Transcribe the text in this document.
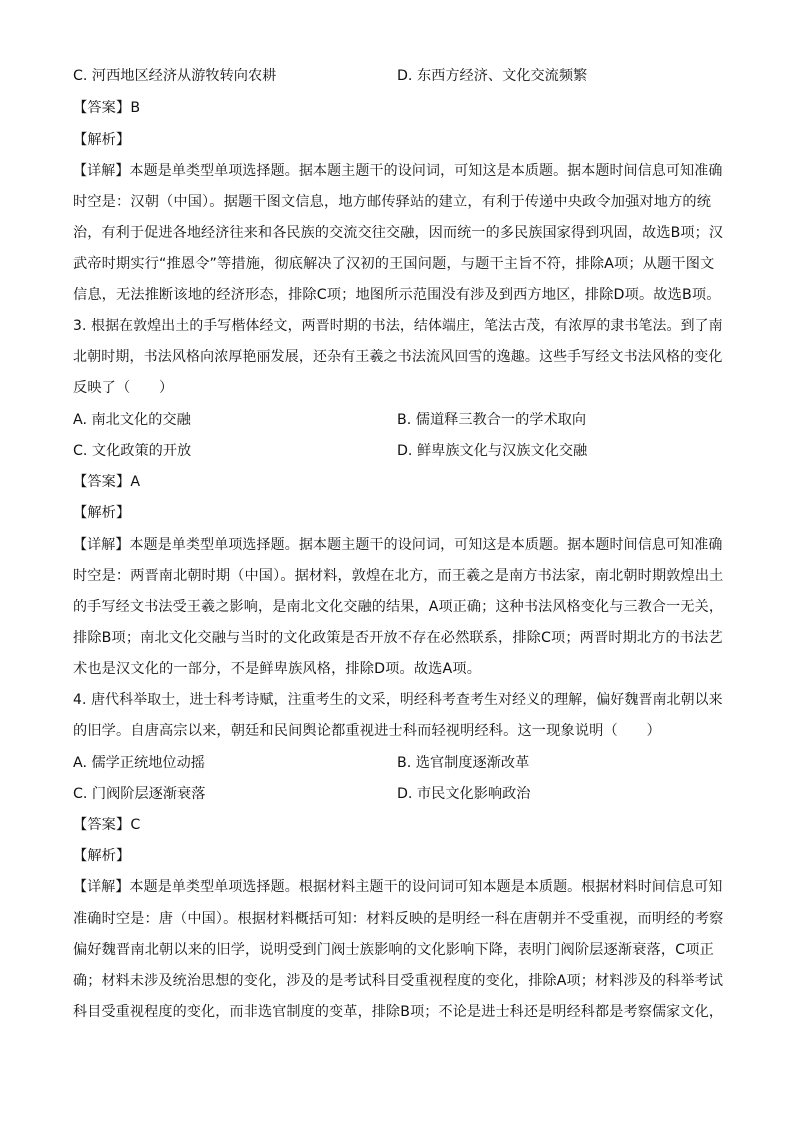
C. 河西地区经济从游牧转向农耕	D. 东西方经济、文化交流频繁
【答案】B
【解析】
【详解】本题是单类型单项选择题。据本题主题干的设问词，可知这是本质题。据本题时间信息可知准确
时空是：汉朝（中国）。据题干图文信息，地方邮传驿站的建立，有利于传递中央政令加强对地方的统
治，有利于促进各地经济往来和各民族的交流交往交融，因而统一的多民族国家得到巩固，故选B项；汉
武帝时期实行“推恩令”等措施，彻底解决了汉初的王国问题，与题干主旨不符，排除A项；从题干图文
信息，无法推断该地的经济形态，排除C项；地图所示范围没有涉及到西方地区，排除D项。故选B项。
3. 根据在敦煌出土的手写楷体经文，两晋时期的书法，结体端庄，笔法古茂，有浓厚的隶书笔法。到了南
北朝时期，书法风格向浓厚艳丽发展，还杂有王羲之书法流风回雪的逸趣。这些手写经文书法风格的变化
反映了（　　）
A. 南北文化的交融	B. 儒道释三教合一的学术取向
C. 文化政策的开放	D. 鲜卑族文化与汉族文化交融
【答案】A
【解析】
【详解】本题是单类型单项选择题。据本题主题干的设问词，可知这是本质题。据本题时间信息可知准确
时空是：两晋南北朝时期（中国）。据材料，敦煌在北方，而王羲之是南方书法家，南北朝时期敦煌出土
的手写经文书法受王羲之影响，是南北文化交融的结果，A项正确；这种书法风格变化与三教合一无关，
排除B项；南北文化交融与当时的文化政策是否开放不存在必然联系，排除C项；两晋时期北方的书法艺
术也是汉文化的一部分，不是鲜卑族风格，排除D项。故选A项。
4. 唐代科举取士，进士科考诗赋，注重考生的文采，明经科考查考生对经义的理解，偏好魏晋南北朝以来
的旧学。自唐高宗以来，朝廷和民间舆论都重视进士科而轻视明经科。这一现象说明（　　）
A. 儒学正统地位动摇	B. 选官制度逐渐改革
C. 门阀阶层逐渐衰落	D. 市民文化影响政治
【答案】C
【解析】
【详解】本题是单类型单项选择题。根据材料主题干的设问词可知本题是本质题。根据材料时间信息可知
准确时空是：唐（中国）。根据材料概括可知：材料反映的是明经一科在唐朝并不受重视，而明经的考察
偏好魏晋南北朝以来的旧学，说明受到门阀士族影响的文化影响下降，表明门阀阶层逐渐衰落，C项正
确；材料未涉及统治思想的变化，涉及的是考试科目受重视程度的变化，排除A项；材料涉及的科举考试
科目受重视程度的变化，而非选官制度的变革，排除B项；不论是进士科还是明经科都是考察儒家文化，
